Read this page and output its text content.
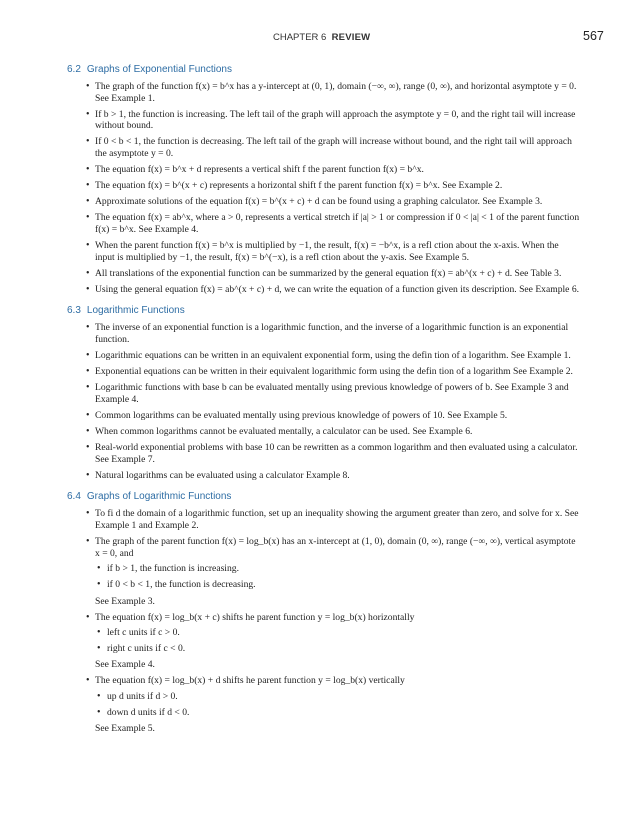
CHAPTER 6 REVIEW	567
6.2 Graphs of Exponential Functions
• The graph of the function f(x) = b^x has a y-intercept at (0, 1), domain (−∞, ∞), range (0, ∞), and horizontal asymptote y = 0. See Example 1.
• If b > 1, the function is increasing. The left tail of the graph will approach the asymptote y = 0, and the right tail will increase without bound.
• If 0 < b < 1, the function is decreasing. The left tail of the graph will increase without bound, and the right tail will approach the asymptote y = 0.
• The equation f(x) = b^x + d represents a vertical shift f the parent function f(x) = b^x.
• The equation f(x) = b^(x + c) represents a horizontal shift f the parent function f(x) = b^x. See Example 2.
• Approximate solutions of the equation f(x) = b^(x + c) + d can be found using a graphing calculator. See Example 3.
• The equation f(x) = ab^x, where a > 0, represents a vertical stretch if |a| > 1 or compression if 0 < |a| < 1 of the parent function f(x) = b^x. See Example 4.
• When the parent function f(x) = b^x is multiplied by −1, the result, f(x) = −b^x, is a refl ction about the x-axis. When the input is multiplied by −1, the result, f(x) = b^(−x), is a refl ction about the y-axis. See Example 5.
• All translations of the exponential function can be summarized by the general equation f(x) = ab^(x + c) + d. See Table 3.
• Using the general equation f(x) = ab^(x + c) + d, we can write the equation of a function given its description. See Example 6.
6.3 Logarithmic Functions
• The inverse of an exponential function is a logarithmic function, and the inverse of a logarithmic function is an exponential function.
• Logarithmic equations can be written in an equivalent exponential form, using the defin tion of a logarithm. See Example 1.
• Exponential equations can be written in their equivalent logarithmic form using the defin tion of a logarithm See Example 2.
• Logarithmic functions with base b can be evaluated mentally using previous knowledge of powers of b. See Example 3 and Example 4.
• Common logarithms can be evaluated mentally using previous knowledge of powers of 10. See Example 5.
• When common logarithms cannot be evaluated mentally, a calculator can be used. See Example 6.
• Real-world exponential problems with base 10 can be rewritten as a common logarithm and then evaluated using a calculator. See Example 7.
• Natural logarithms can be evaluated using a calculator Example 8.
6.4 Graphs of Logarithmic Functions
• To fi d the domain of a logarithmic function, set up an inequality showing the argument greater than zero, and solve for x. See Example 1 and Example 2.
• The graph of the parent function f(x) = log_b(x) has an x-intercept at (1, 0), domain (0, ∞), range (−∞, ∞), vertical asymptote x = 0, and
• if b > 1, the function is increasing.
• if 0 < b < 1, the function is decreasing.
See Example 3.
• The equation f(x) = log_b(x + c) shifts he parent function y = log_b(x) horizontally
• left c units if c > 0.
• right c units if c < 0.
See Example 4.
• The equation f(x) = log_b(x) + d shifts he parent function y = log_b(x) vertically
• up d units if d > 0.
• down d units if d < 0.
See Example 5.
